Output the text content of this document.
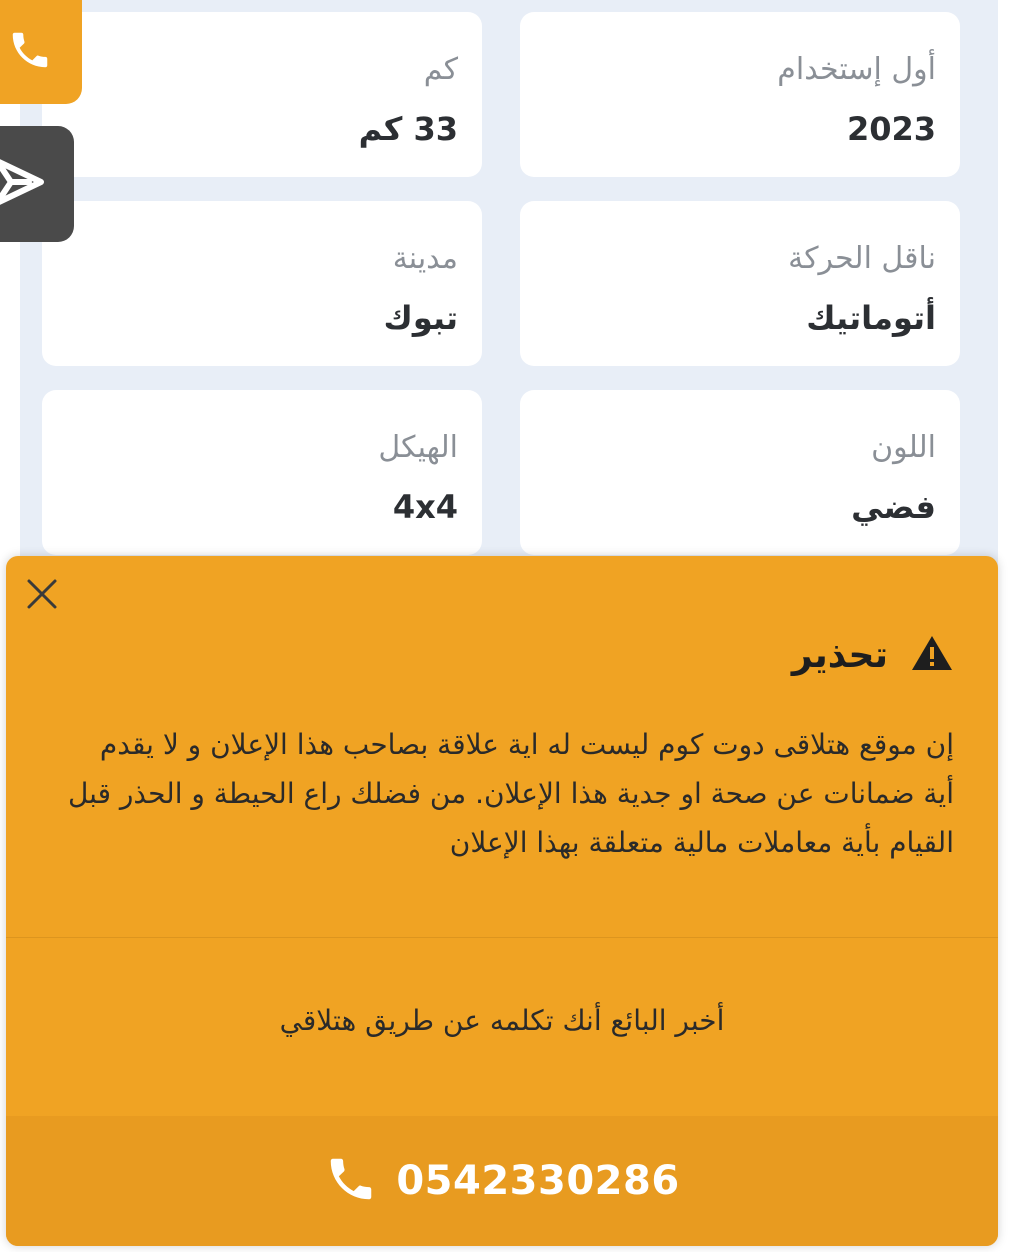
أول إستخدام
2023
كم
33 كم
ناقل الحركة
أتوماتيك
مدينة
تبوك
اللون
فضي
الهيكل
4x4
تحذير
إن موقع هتلاقى دوت كوم ليست له اية علاقة بصاحب هذا الإعلان و لا يقدم أية ضمانات عن صحة او جدية هذا الإعلان. من فضلك راع الحيطة و الحذر قبل القيام بأية معاملات مالية متعلقة بهذا الإعلان
أخبر البائع أنك تكلمه عن طريق هتلاقي
0542330286
